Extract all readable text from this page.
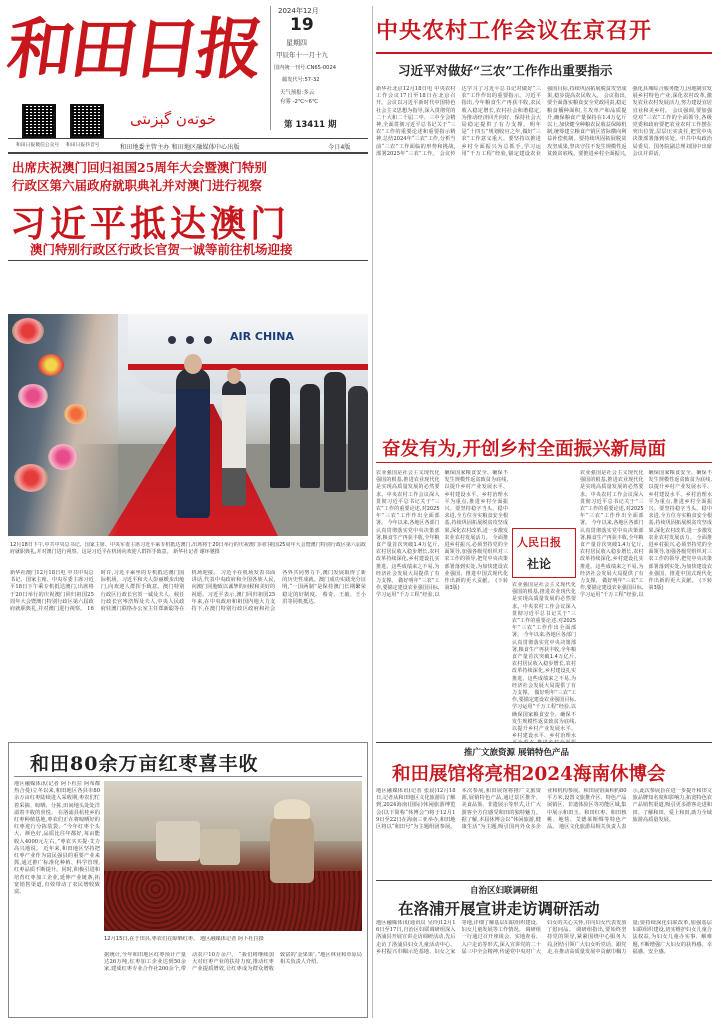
和田日报
خوتەن گېزىتى
和田日报微信公众号 和田日报抖音号
2024年12月
19
星期四
甲辰年十一月十九
国内统一刊号:CN65-0024
邮发代号:57-32
天气预报:多云
有雾 -2℃~6℃
第 13411 期
和田地委主管主办 和田地区融媒体中心出版	今日4版
中央农村工作会议在京召开
习近平对做好“三农”工作作出重要指示
新华社北京12月18日电 中央农村工作会议17日至18日在北京召开。会议以习近平新时代中国特色社会主义思想为指导,深入贯彻党的二十大和二十届二中、三中全会精神,全面贯彻习近平总书记关于“三农”工作的重要论述和重要指示精神,总结2024年“三农”工作,分析当前“三农”工作面临的形势和挑战,部署2025年“三农”工作。 会议传达学习了习近平总书记对做好“三农”工作作出的重要指示。习近平指出,今年粮食生产再获丰收,农民收入稳定增长,农村社会和谐稳定,为推动经济回升向好、保持社会大局稳定提供了有力支撑。明年是“十四五”规划收官之年,做好“三农”工作意义重大。要坚持以推进乡村全面振兴为总抓手,学习运用“千万工程”经验,锚定建设农业强国目标,持续巩固拓展脱贫攻坚成果,稳步提高农民收入。 会议指出,要全面落实粮食安全党政同责,稳定粮食播种面积,主攻单产和品质提升,确保粮食产量保持在1.4万亿斤以上,加快健全种粮农民收益保障机制,统筹建立粮食产销区省际横向利益补偿机制。要持续巩固拓展脱贫攻坚成果,坚决守住不发生规模性返贫致贫底线。要推进乡村全面振兴,强化县城综合服务能力,因地制宜发展乡村特色产业,深化农村改革,激发农业农村发展活力,努力建设宜居宜业和美乡村。 会议强调,要加强党对“三农”工作的全面领导,各级党委和政府要把农业农村工作摆在突出位置,层层压实责任,把党中央决策部署落到实处。中共中央政治局委员、国务院副总理刘国中出席会议并讲话。
出席庆祝澳门回归祖国25周年大会暨澳门特别
行政区第六届政府就职典礼并对澳门进行视察
习近平抵达澳门
澳门特别行政区行政长官贺一诚等前往机场迎接
AIR CHINA
12月18日下午,中共中央总书记、国家主席、中央军委主席习近平乘专机抵达澳门,出席将于20日举行的庆祝澳门回归祖国25周年大会暨澳门特别行政区第六届政府就职典礼,并对澳门进行视察。这是习近平在机场向欢迎人群挥手致意。 新华社记者 谢环驰摄
新华社澳门12月18日电 中共中央总书记、国家主席、中央军委主席习近平18日下午乘专机抵达澳门,出席将于20日举行的庆祝澳门回归祖国25周年大会暨澳门特别行政区第六届政府就职典礼,并对澳门进行视察。 16时许,习近平乘坐的专机抵达澳门国际机场。习近平和夫人彭丽媛步出舱门,向欢迎人群挥手致意。澳门特别行政区行政长官贺一诚及夫人、候任行政长官岑浩辉及夫人,中央人民政府驻澳门联络办公室主任郑新聪等在机场迎接。 习近平在机场发表书面讲话,代表中央政府和全国各族人民,向澳门同胞致以诚挚的问候和美好的祝愿。习近平表示,澳门回归祖国25年来,在中央政府和祖国内地大力支持下,在澳门特别行政区政府和社会各界共同努力下,澳门发展取得了新的历史性成就。澳门成功实践充分证明,“一国两制”是保持澳门长期繁荣稳定的好制度。 蔡奇、王毅、王小洪等同机抵达。
奋发有为,开创乡村全面振兴新局面
人民日报
社论
农业强国是社会主义现代化强国的根基,推进农业现代化是实现高质量发展的必然要求。中央农村工作会议深入贯彻习近平总书记关于“三农”工作的重要论述,对2025年“三农”工作作出全面部署。 今年以来,各地区各部门认真贯彻落实党中央决策部署,粮食生产再获丰收,全年粮食产量首次突破1.4万亿斤,农村居民收入稳步增长,农村改革持续深化,乡村建设扎实推进。这些成绩来之不易,为经济社会发展大局提供了有力支撑。 做好明年“三农”工作,要锚定建设农业强国目标,学习运用“千万工程”经验,以确保国家粮食安全、确保不发生规模性返贫致贫为底线,以提升乡村产业发展水平、乡村建设水平、乡村治理水平为重点,推进乡村全面振兴。要坚持稳字当头、稳中求进,全方位夯实粮食安全根基,持续巩固拓展脱贫攻坚成果,深化农村改革,进一步激发农业农村发展活力。 全面推进乡村振兴,必须坚持党的全面领导,加强各级党组织对三农工作的领导,把党中央决策部署落到实处,为加快建设农业强国、推进中国式现代化作出新的更大贡献。 (下转第3版)
农业强国是社会主义现代化强国的根基,推进农业现代化是实现高质量发展的必然要求。中央农村工作会议深入贯彻习近平总书记关于“三农”工作的重要论述,对2025年“三农”工作作出全面部署。 今年以来,各地区各部门认真贯彻落实党中央决策部署,粮食生产再获丰收,全年粮食产量首次突破1.4万亿斤,农村居民收入稳步增长,农村改革持续深化,乡村建设扎实推进。这些成绩来之不易,为经济社会发展大局提供了有力支撑。 做好明年“三农”工作,要锚定建设农业强国目标,学习运用“千万工程”经验,以确保国家粮食安全、确保不发生规模性返贫致贫为底线,以提升乡村产业发展水平、乡村建设水平、乡村治理水平为重点,推进乡村全面振兴。要坚持稳字当头、稳中求进,全方位夯实粮食安全根基,持续巩固拓展脱贫攻坚成果,深化农村改革,进一步激发农业农村发展活力。 全面推进乡村振兴,必须坚持党的全面领导,加强各级党组织对三农工作的领导,把党中央决策部署落到实处,为加快建设农业强国、推进中国式现代化作出新的更大贡献。 (下转第3版)
农业强国是社会主义现代化强国的根基,推进农业现代化是实现高质量发展的必然要求。中央农村工作会议深入贯彻习近平总书记关于“三农”工作的重要论述,对2025年“三农”工作作出全面部署。 今年以来,各地区各部门认真贯彻落实党中央决策部署,粮食生产再获丰收,全年粮食产量首次突破1.4万亿斤,农村居民收入稳步增长,农村改革持续深化,乡村建设扎实推进。这些成绩来之不易,为经济社会发展大局提供了有力支撑。 做好明年“三农”工作,要锚定建设农业强国目标,学习运用“千万工程”经验,以确保国家粮食安全、确保不发生规模性返贫致贫为底线,以提升乡村产业发展水平、乡村建设水平、乡村治理水
推广文旅资源 展销特色产品
和田展馆将亮相2024海南休博会
地区融媒体讯(记者 张晨)12月18日,记者从和田地区文化旅游局了解到,2024海南(国际)休闲旅游博览会(以下简称“休博会”)将于12月19日至22日在海南三亚举办,和田地区将以“和田号”为主题组团参展。本次参展,和田展馆将推广文旅资源,展销特色产品,通过景区推介、美食品鉴、非遗展示等形式,让广大游客全方位感受和田的独特魅力。 据了解,本届休博会以“休闲旅游,健康生活”为主题,吸引国内外众多企业和机构参展。和田展馆面积约80平方米,设置文旅推介区、特色产品展销区、非遗体验区等功能区域,集中展示和田玉、和田红枣、和田核桃、地毯、艾德莱斯绸等特色产品。 地区文化旅游局相关负责人表示,此次参展旨在进一步提升和田文旅品牌知名度和影响力,拓宽特色农产品销售渠道,吸引更多游客走进和田、了解和田、爱上和田,助力全域旅游高质量发展。
和田80余万亩红枣喜丰收
地区融媒体讯(记者 阿卜杜拉 阿布都热合曼)立冬以来,和田地区各县市80余万亩红枣陆续进入采收期,枣农们忙着采摘、晾晒、分拣,田间地头处处洋溢着丰收的喜悦。 在洛浦县杭桂乡的红枣种植基地,枣农们正在将晾晒好的红枣进行分拣装袋。“今年红枣个头大、颜色好,品质比往年都好,每亩能收入4000元左右。”枣农买买提·艾力高兴地说。 近年来,和田地区坚持把红枣产业作为富民强县的重要产业来抓,通过推广标准化种植、科学管理,红枣品质不断提升。同时,积极引进和培育红枣加工企业,延伸产业链条,拓宽销售渠道,有效带动了农民增收致富。
12月15日,在于田县,枣农们在晾晒红枣。 地区融媒体记者 阿卜杜拉摄
据统计,今年和田地区红枣预计产量达26万吨,红枣加工企业达到50余家,建成红枣专业合作社200余个,带动农户10万余户。 “我们将继续加大对红枣产业的扶持力度,推动红枣产业提质增效,让红枣成为群众增收致富的‘金果果’。”地区林业和草原局相关负责人介绍。
自治区妇联调研组
在洛浦开展宣讲走访调研活动
地区融媒体讯(通讯员 吴玲)12月16日至17日,自治区妇联调研组深入洛浦县开展宣讲走访调研活动,先后走访了洛浦县妇女儿童活动中心、乡村振兴巾帼示范基地、妇女之家等地,详细了解基层妇联组织建设、妇女儿童发展等工作情况。 调研组一行通过召开座谈会、实地查看、入户走访等形式,深入宣讲党的二十届三中全会精神,传递党中央对广大妇女的关心关怀,并向妇女代表发放了慰问品。 调研组指出,要始终坚持党的领导,紧紧围绕中心服务大局,团结引领广大妇女听党话、跟党走,在推动高质量发展中贡献巾帼力量;要持续深化妇联改革,加强基层妇联组织建设,切实维护妇女儿童合法权益,为妇女儿童办实事、解难题,不断增强广大妇女的获得感、幸福感、安全感。
